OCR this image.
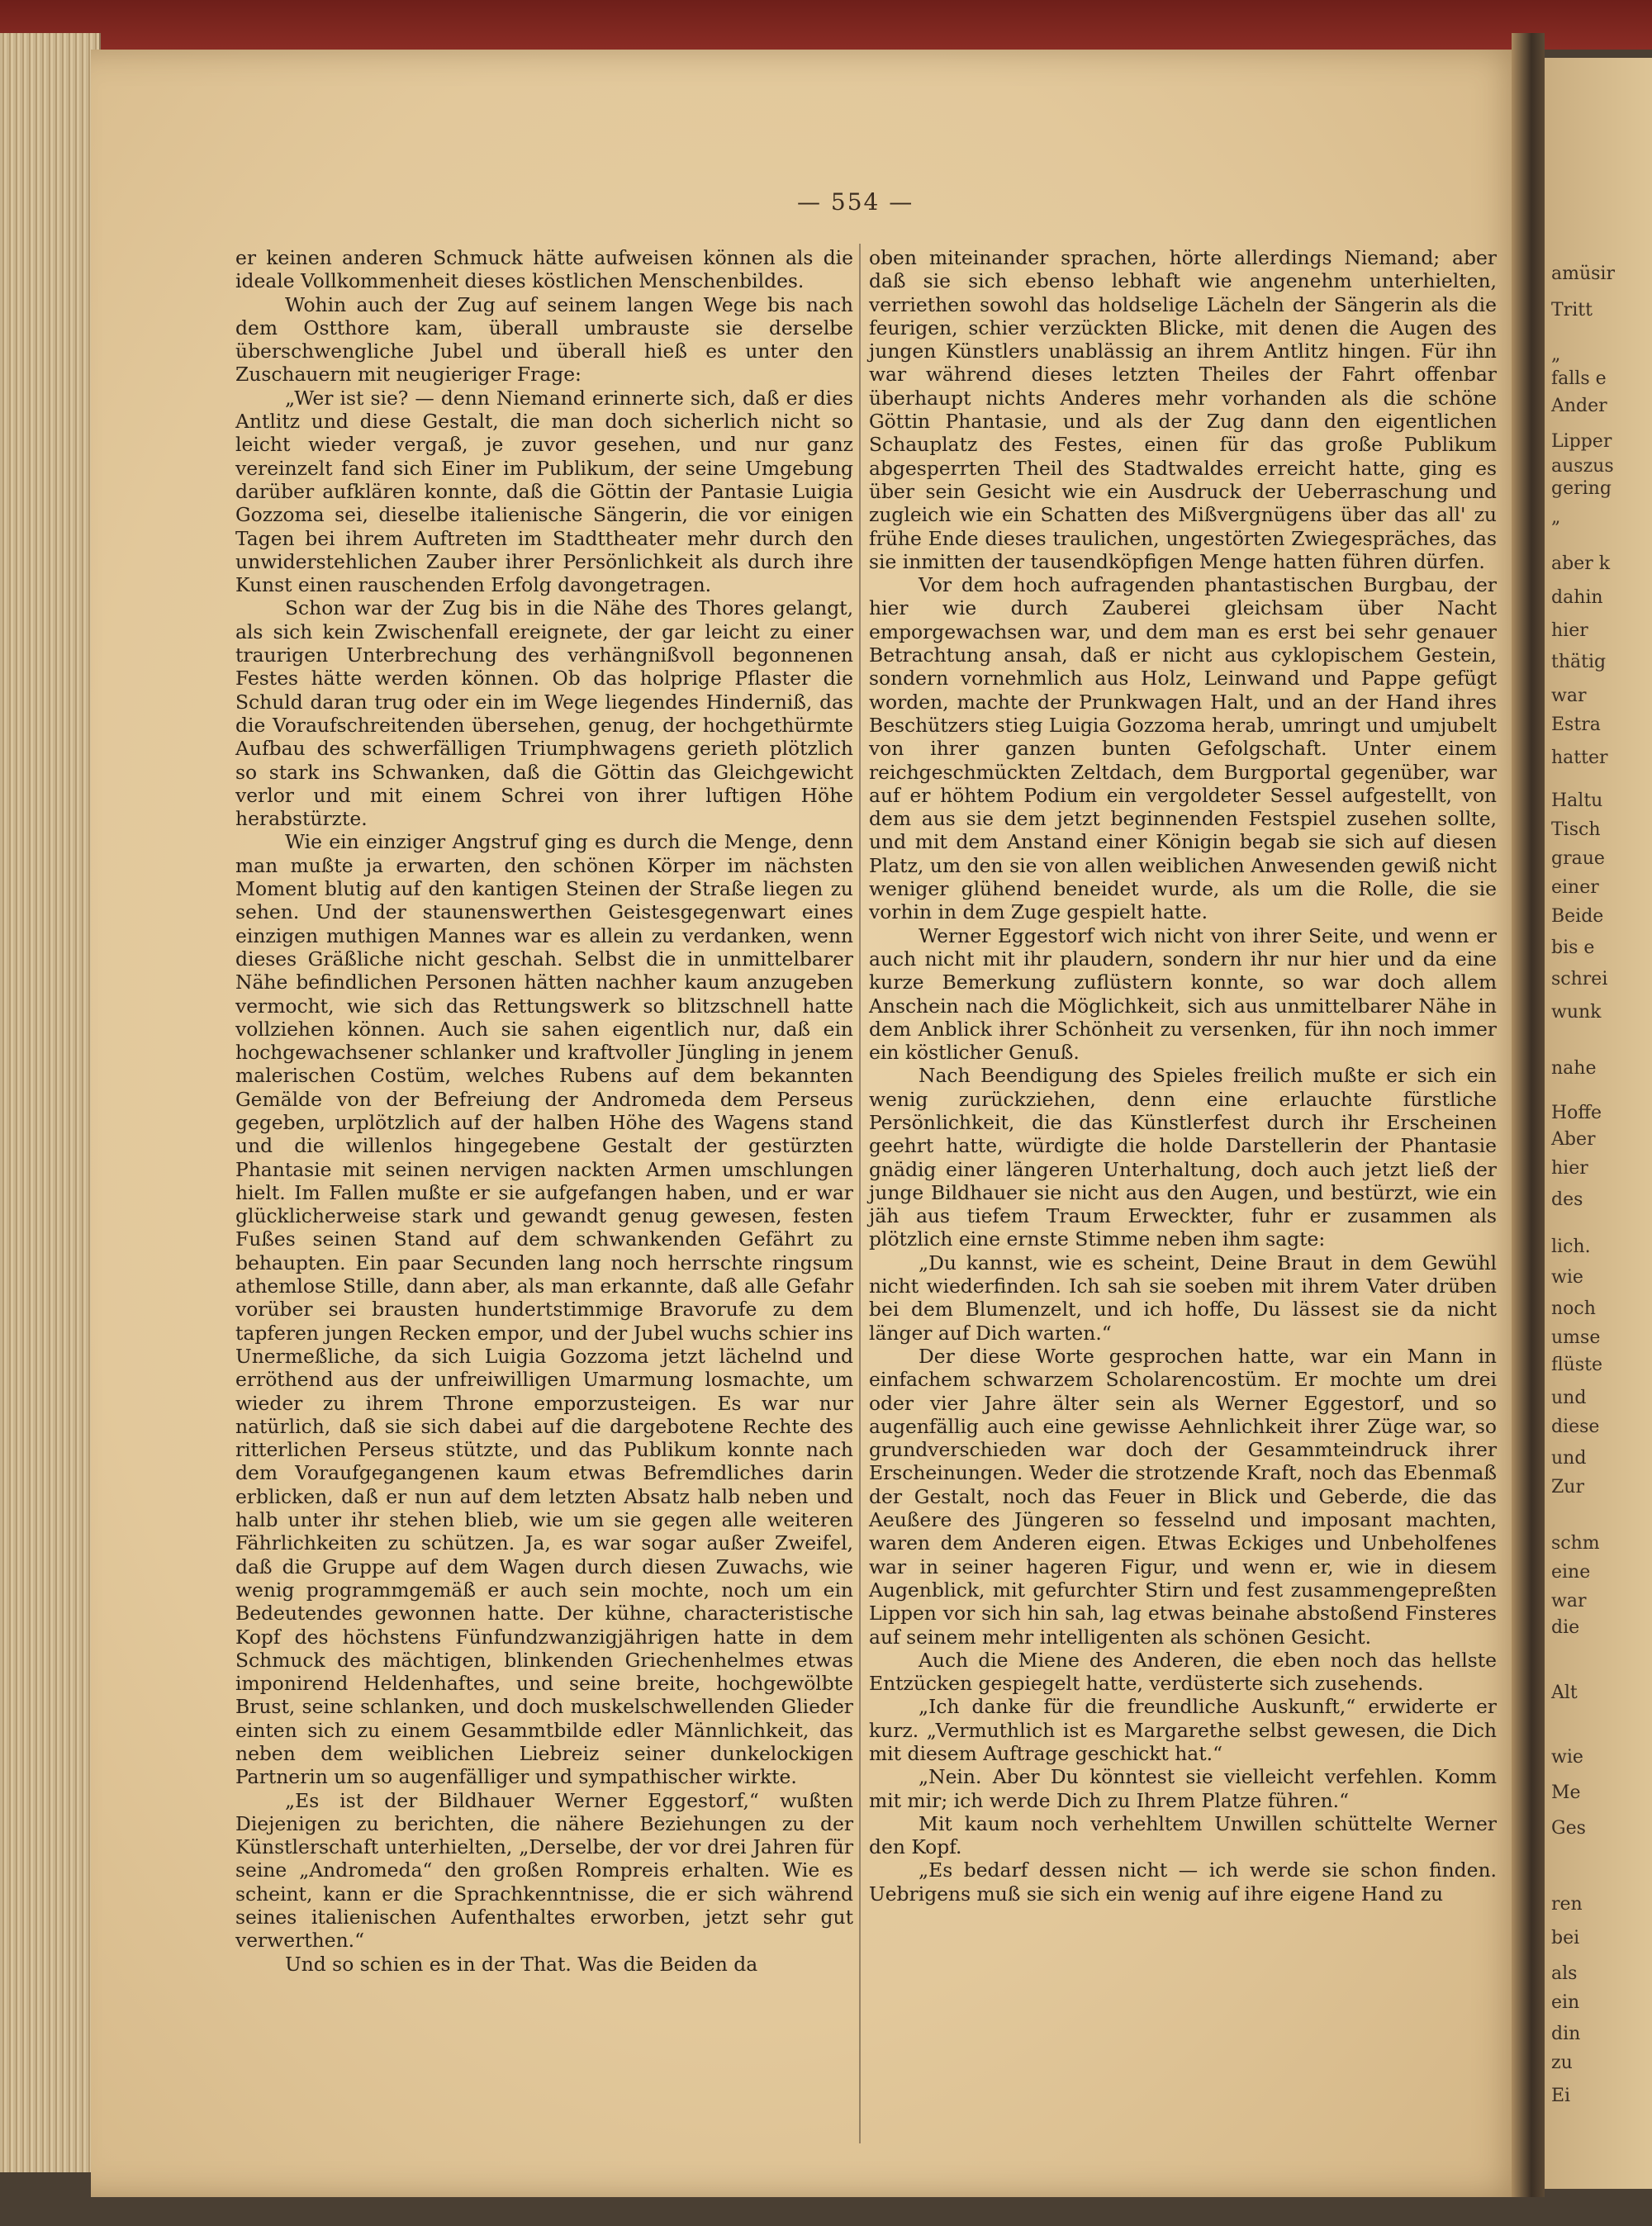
amüsir
Tritt
„
falls e
Ander
Lipper
auszus
gering
„
aber k
dahin
hier
thätig
war
Estra
hatter
Haltu
Tisch
graue
einer
Beide
bis e
schrei
wunk
nahe
Hoffe
Aber
hier
des
lich.
wie
noch
umse
flüste
und
diese
und
Zur
schm
eine
war
die
Alt
wie
Me
Ges
ren
bei
als
ein
din
zu
Ei
— 554 —

er keinen anderen Schmuck hätte aufweisen können als die ideale Vollkommenheit dieses köstlichen Menschenbildes.

Wohin auch der Zug auf seinem langen Wege bis nach dem Ostthore kam, überall umbrauste sie derselbe überschwengliche Jubel und überall hieß es unter den Zuschauern mit neugieriger Frage:

„Wer ist sie? — denn Niemand erinnerte sich, daß er dies Antlitz und diese Gestalt, die man doch sicherlich nicht so leicht wieder vergaß, je zuvor gesehen, und nur ganz vereinzelt fand sich Einer im Publikum, der seine Umgebung darüber aufklären konnte, daß die Göttin der Pantasie Luigia Gozzoma sei, dieselbe italienische Sängerin, die vor einigen Tagen bei ihrem Auftreten im Stadttheater mehr durch den unwiderstehlichen Zauber ihrer Persönlichkeit als durch ihre Kunst einen rauschenden Erfolg davongetragen.

Schon war der Zug bis in die Nähe des Thores gelangt, als sich kein Zwischenfall ereignete, der gar leicht zu einer traurigen Unterbrechung des verhängnißvoll begonnenen Festes hätte werden können. Ob das holprige Pflaster die Schuld daran trug oder ein im Wege liegendes Hinderniß, das die Voraufschreitenden übersehen, genug, der hochgethürmte Aufbau des schwerfälligen Triumphwagens gerieth plötzlich so stark ins Schwanken, daß die Göttin das Gleichgewicht verlor und mit einem Schrei von ihrer luftigen Höhe herabstürzte.

Wie ein einziger Angstruf ging es durch die Menge, denn man mußte ja erwarten, den schönen Körper im nächsten Moment blutig auf den kantigen Steinen der Straße liegen zu sehen. Und der staunenswerthen Geistesgegenwart eines einzigen muthigen Mannes war es allein zu verdanken, wenn dieses Gräßliche nicht geschah. Selbst die in unmittelbarer Nähe befindlichen Personen hätten nachher kaum anzugeben vermocht, wie sich das Rettungswerk so blitzschnell hatte vollziehen können. Auch sie sahen eigentlich nur, daß ein hochgewachsener schlanker und kraftvoller Jüngling in jenem malerischen Costüm, welches Rubens auf dem bekannten Gemälde von der Befreiung der Andromeda dem Perseus gegeben, urplötzlich auf der halben Höhe des Wagens stand und die willenlos hingegebene Gestalt der gestürzten Phantasie mit seinen nervigen nackten Armen umschlungen hielt. Im Fallen mußte er sie aufgefangen haben, und er war glücklicherweise stark und gewandt genug gewesen, festen Fußes seinen Stand auf dem schwankenden Gefährt zu behaupten. Ein paar Secunden lang noch herrschte ringsum athemlose Stille, dann aber, als man erkannte, daß alle Gefahr vorüber sei brausten hundertstimmige Bravorufe zu dem tapferen jungen Recken empor, und der Jubel wuchs schier ins Unermeßliche, da sich Luigia Gozzoma jetzt lächelnd und erröthend aus der unfreiwilligen Umarmung losmachte, um wieder zu ihrem Throne emporzusteigen. Es war nur natürlich, daß sie sich dabei auf die dargebotene Rechte des ritterlichen Perseus stützte, und das Publikum konnte nach dem Voraufgegangenen kaum etwas Befremdliches darin erblicken, daß er nun auf dem letzten Absatz halb neben und halb unter ihr stehen blieb, wie um sie gegen alle weiteren Fährlichkeiten zu schützen. Ja, es war sogar außer Zweifel, daß die Gruppe auf dem Wagen durch diesen Zuwachs, wie wenig programmgemäß er auch sein mochte, noch um ein Bedeutendes gewonnen hatte. Der kühne, characteristische Kopf des höchstens Fünfundzwanzigjährigen hatte in dem Schmuck des mächtigen, blinkenden Griechenhelmes etwas imponirend Heldenhaftes, und seine breite, hochgewölbte Brust, seine schlanken, und doch muskelschwellenden Glieder einten sich zu einem Gesammtbilde edler Männlichkeit, das neben dem weiblichen Liebreiz seiner dunkelockigen Partnerin um so augenfälliger und sympathischer wirkte.

„Es ist der Bildhauer Werner Eggestorf,“ wußten Diejenigen zu berichten, die nähere Beziehungen zu der Künstlerschaft unterhielten, „Derselbe, der vor drei Jahren für seine „Andromeda“ den großen Rompreis erhalten. Wie es scheint, kann er die Sprachkenntnisse, die er sich während seines italienischen Aufenthaltes erworben, jetzt sehr gut verwerthen.“

Und so schien es in der That. Was die Beiden da

oben miteinander sprachen, hörte allerdings Niemand; aber daß sie sich ebenso lebhaft wie angenehm unterhielten, verriethen sowohl das holdselige Lächeln der Sängerin als die feurigen, schier verzückten Blicke, mit denen die Augen des jungen Künstlers unablässig an ihrem Antlitz hingen. Für ihn war während dieses letzten Theiles der Fahrt offenbar überhaupt nichts Anderes mehr vorhanden als die schöne Göttin Phantasie, und als der Zug dann den eigentlichen Schauplatz des Festes, einen für das große Publikum abgesperrten Theil des Stadtwaldes erreicht hatte, ging es über sein Gesicht wie ein Ausdruck der Ueberraschung und zugleich wie ein Schatten des Mißvergnügens über das all' zu frühe Ende dieses traulichen, ungestörten Zwiegespräches, das sie inmitten der tausendköpfigen Menge hatten führen dürfen.

Vor dem hoch aufragenden phantastischen Burgbau, der hier wie durch Zauberei gleichsam über Nacht emporgewachsen war, und dem man es erst bei sehr genauer Betrachtung ansah, daß er nicht aus cyklopischem Gestein, sondern vornehmlich aus Holz, Leinwand und Pappe gefügt worden, machte der Prunkwagen Halt, und an der Hand ihres Beschützers stieg Luigia Gozzoma herab, umringt und umjubelt von ihrer ganzen bunten Gefolgschaft. Unter einem reichgeschmückten Zeltdach, dem Burgportal gegenüber, war auf er höhtem Podium ein vergoldeter Sessel aufgestellt, von dem aus sie dem jetzt beginnenden Festspiel zusehen sollte, und mit dem Anstand einer Königin begab sie sich auf diesen Platz, um den sie von allen weiblichen Anwesenden gewiß nicht weniger glühend beneidet wurde, als um die Rolle, die sie vorhin in dem Zuge gespielt hatte.

Werner Eggestorf wich nicht von ihrer Seite, und wenn er auch nicht mit ihr plaudern, sondern ihr nur hier und da eine kurze Bemerkung zuflüstern konnte, so war doch allem Anschein nach die Möglichkeit, sich aus unmittelbarer Nähe in dem Anblick ihrer Schönheit zu versenken, für ihn noch immer ein köstlicher Genuß.

Nach Beendigung des Spieles freilich mußte er sich ein wenig zurückziehen, denn eine erlauchte fürstliche Persönlichkeit, die das Künstlerfest durch ihr Erscheinen geehrt hatte, würdigte die holde Darstellerin der Phantasie gnädig einer längeren Unterhaltung, doch auch jetzt ließ der junge Bildhauer sie nicht aus den Augen, und bestürzt, wie ein jäh aus tiefem Traum Erweckter, fuhr er zusammen als plötzlich eine ernste Stimme neben ihm sagte:

„Du kannst, wie es scheint, Deine Braut in dem Gewühl nicht wiederfinden. Ich sah sie soeben mit ihrem Vater drüben bei dem Blumenzelt, und ich hoffe, Du lässest sie da nicht länger auf Dich warten.“

Der diese Worte gesprochen hatte, war ein Mann in einfachem schwarzem Scholarencostüm. Er mochte um drei oder vier Jahre älter sein als Werner Eggestorf, und so augenfällig auch eine gewisse Aehnlichkeit ihrer Züge war, so grundverschieden war doch der Gesammteindruck ihrer Erscheinungen. Weder die strotzende Kraft, noch das Ebenmaß der Gestalt, noch das Feuer in Blick und Geberde, die das Aeußere des Jüngeren so fesselnd und imposant machten, waren dem Anderen eigen. Etwas Eckiges und Unbeholfenes war in seiner hageren Figur, und wenn er, wie in diesem Augenblick, mit gefurchter Stirn und fest zusammengepreßten Lippen vor sich hin sah, lag etwas beinahe abstoßend Finsteres auf seinem mehr intelligenten als schönen Gesicht.

Auch die Miene des Anderen, die eben noch das hellste Entzücken gespiegelt hatte, verdüsterte sich zusehends.

„Ich danke für die freundliche Auskunft,“ erwiderte er kurz. „Vermuthlich ist es Margarethe selbst gewesen, die Dich mit diesem Auftrage geschickt hat.“

„Nein. Aber Du könntest sie vielleicht verfehlen. Komm mit mir; ich werde Dich zu Ihrem Platze führen.“

Mit kaum noch verhehltem Unwillen schüttelte Werner den Kopf.

„Es bedarf dessen nicht — ich werde sie schon finden. Uebrigens muß sie sich ein wenig auf ihre eigene Hand zu
